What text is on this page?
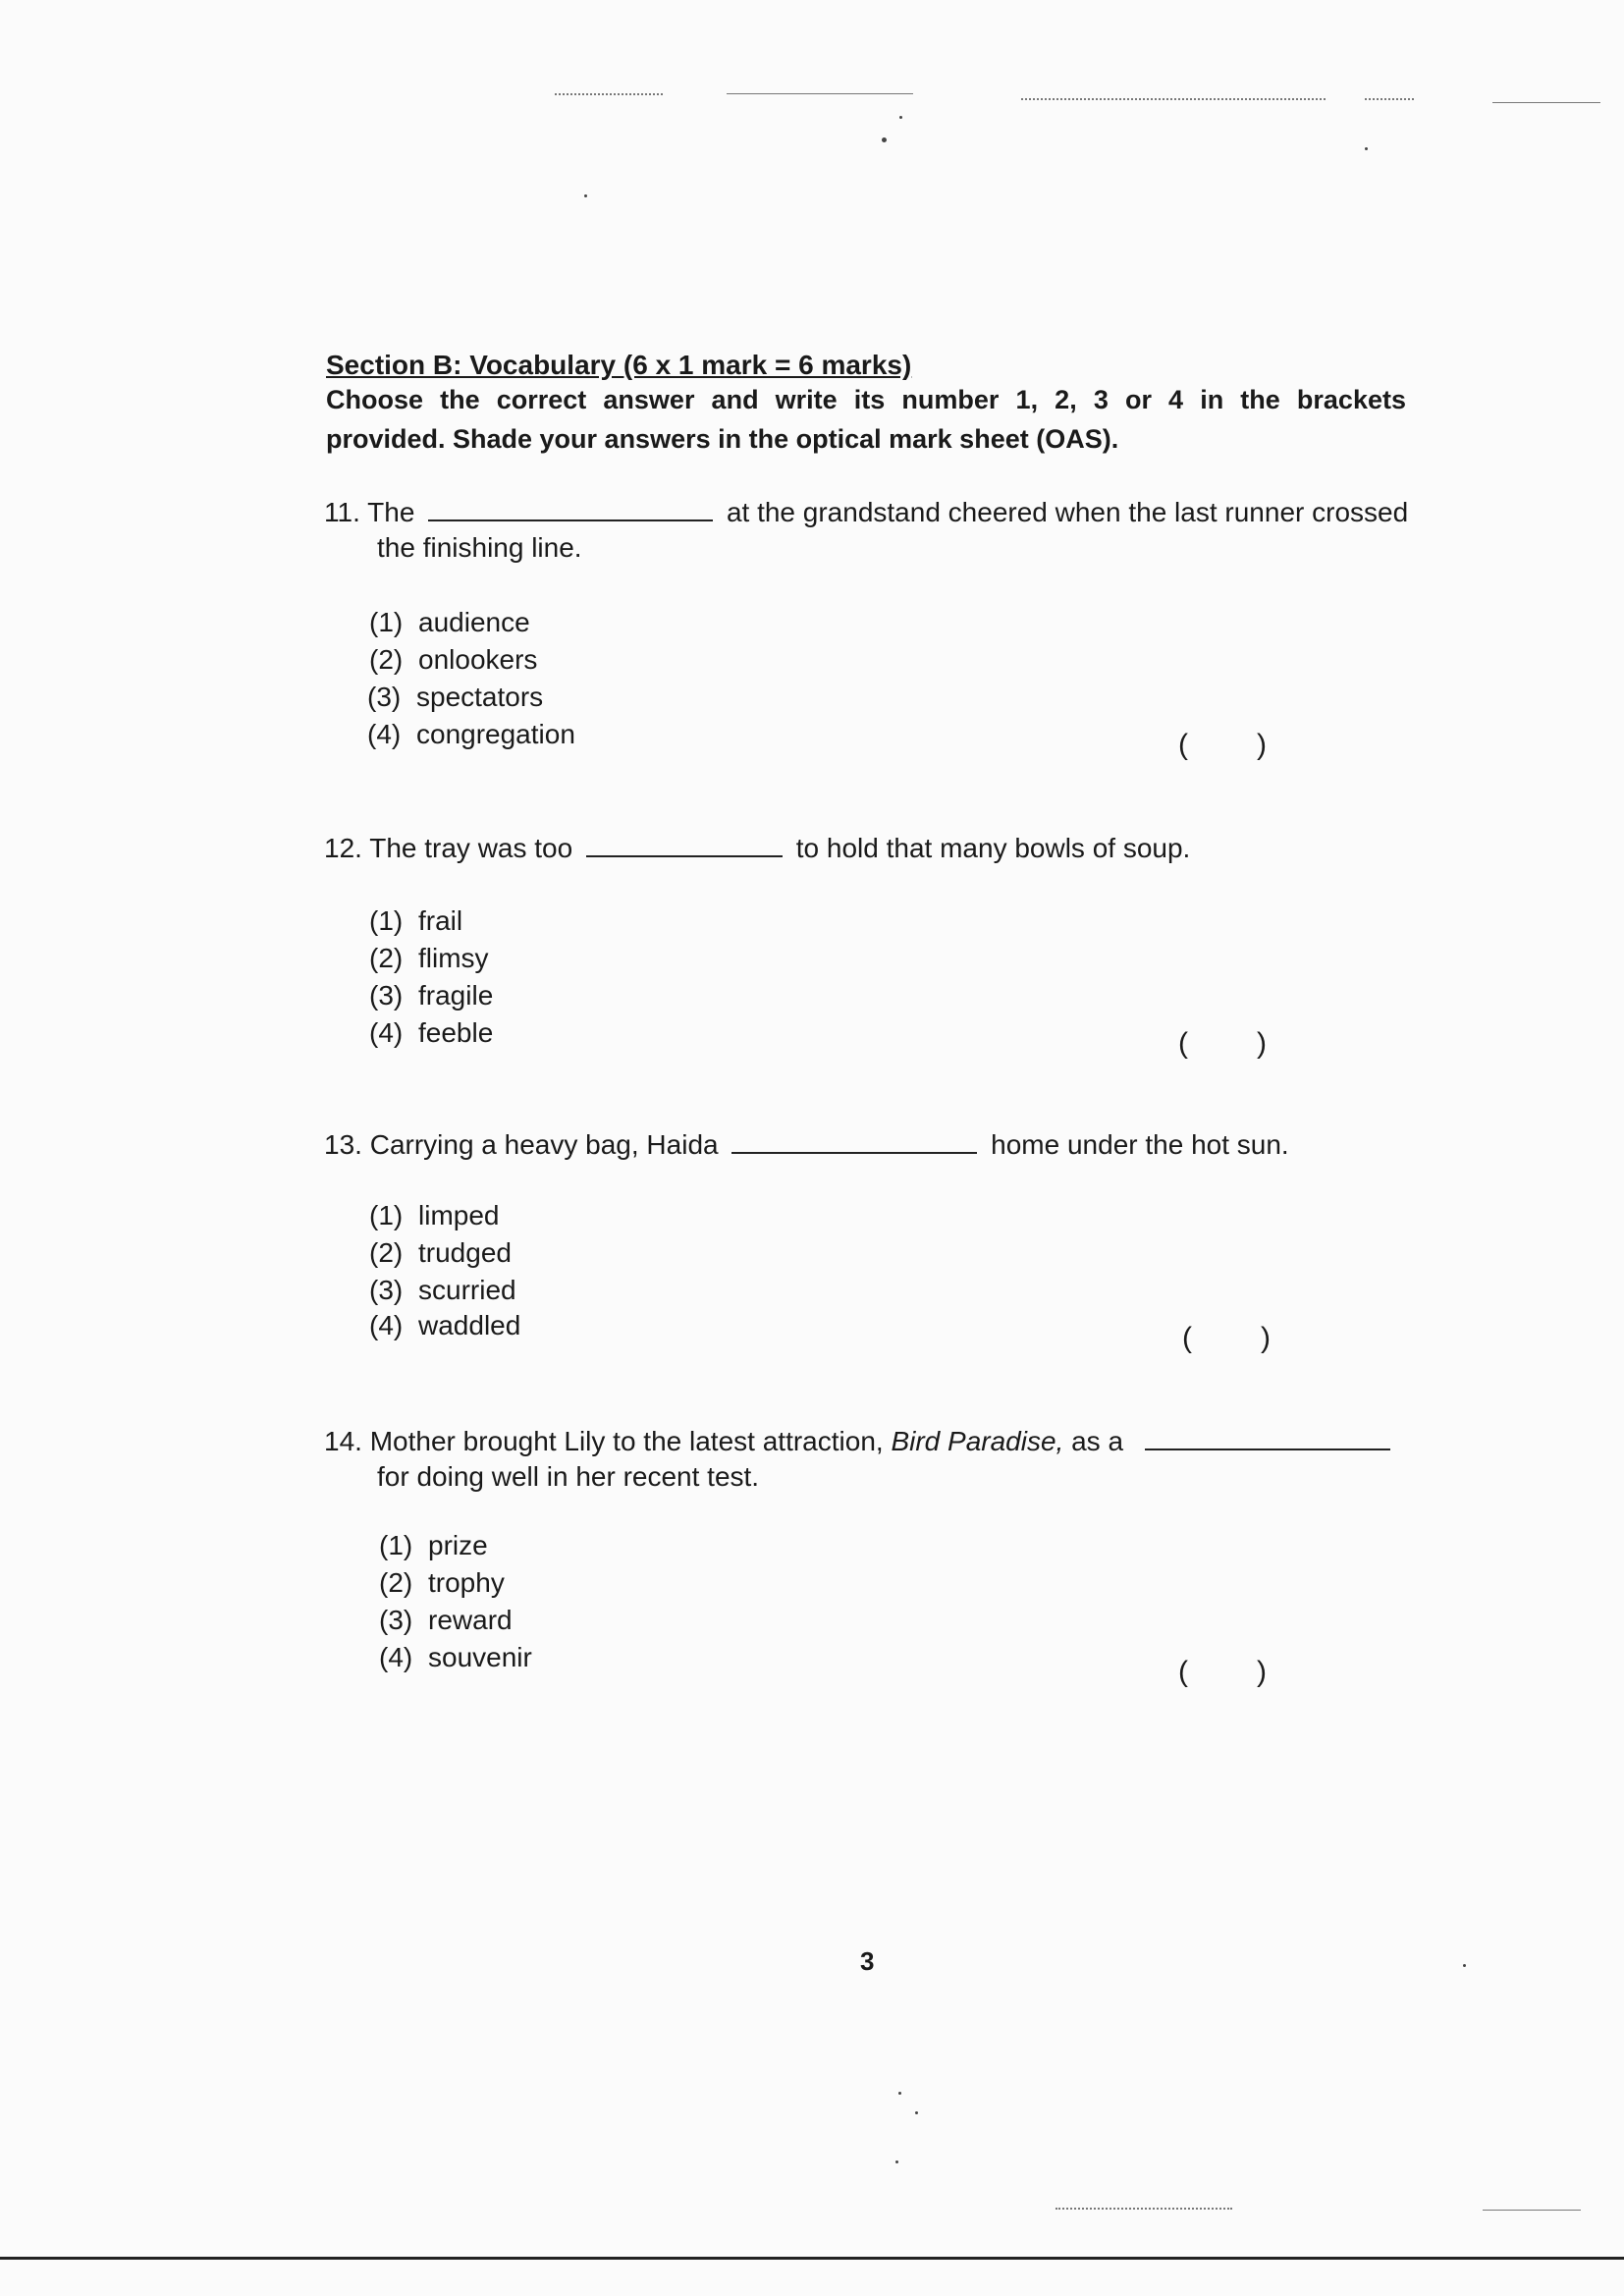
Section B: Vocabulary (6 x 1 mark = 6 marks)
Choose the correct answer and write its number 1, 2, 3 or 4 in the brackets
provided. Shade your answers in the optical mark sheet (OAS).
11. The	at the grandstand cheered when the last runner crossed
the finishing line.
(1) audience
(2) onlookers
(3) spectators
(4) congregation	( )
12. The tray was too	to hold that many bowls of soup.
(1) frail
(2) flimsy
(3) fragile
(4) feeble	( )
13. Carrying a heavy bag, Haida	home under the hot sun.
(1) limped
(2) trudged
(3) scurried
(4) waddled	( )
14. Mother brought Lily to the latest attraction, Bird Paradise, as a
for doing well in her recent test.
(1) prize
(2) trophy
(3) reward
(4) souvenir	( )
3
